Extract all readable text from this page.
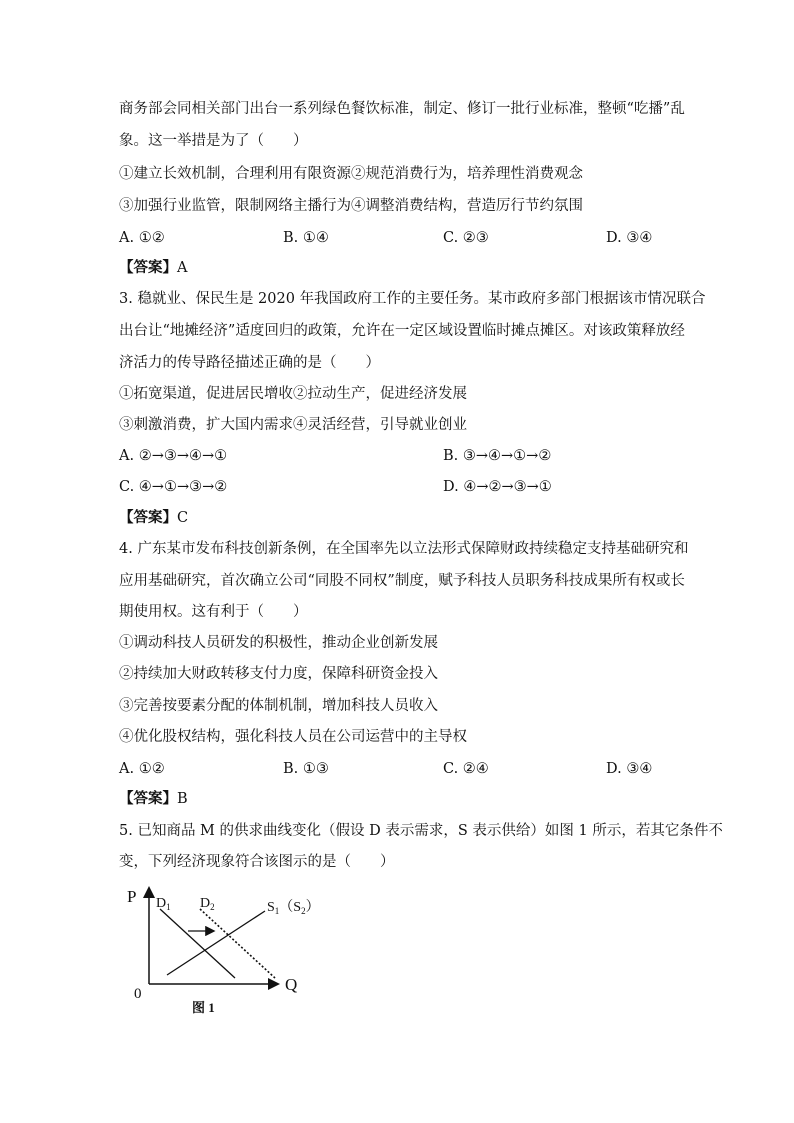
商务部会同相关部门出台一系列绿色餐饮标准，制定、修订一批行业标准，整顿“吃播”乱
象。这一举措是为了（　　）
①建立长效机制，合理利用有限资源②规范消费行为，培养理性消费观念
③加强行业监管，限制网络主播行为④调整消费结构，营造厉行节约氛围
A. ①②	B. ①④	C. ②③	D. ③④
【答案】A
3. 稳就业、保民生是 2020 年我国政府工作的主要任务。某市政府多部门根据该市情况联合
出台让“地摊经济”适度回归的政策，允许在一定区域设置临时摊点摊区。对该政策释放经
济活力的传导路径描述正确的是（　　）
①拓宽渠道，促进居民增收②拉动生产，促进经济发展
③刺激消费，扩大国内需求④灵活经营，引导就业创业
A. ②→③→④→①	B. ③→④→①→②
C. ④→①→③→②	D. ④→②→③→①
【答案】C
4. 广东某市发布科技创新条例，在全国率先以立法形式保障财政持续稳定支持基础研究和
应用基础研究，首次确立公司“同股不同权”制度，赋予科技人员职务科技成果所有权或长
期使用权。这有利于（　　）
①调动科技人员研发的积极性，推动企业创新发展
②持续加大财政转移支付力度，保障科研资金投入
③完善按要素分配的体制机制，增加科技人员收入
④优化股权结构，强化科技人员在公司运营中的主导权
A. ①②	B. ①③	C. ②④	D. ③④
【答案】B
5. 已知商品 M 的供求曲线变化（假设 D 表示需求，S 表示供给）如图 1 所示，若其它条件不
变，下列经济现象符合该图示的是（　　）
P
Q
0
$D_1$ $D_2$	$S_1(S_2)$
图 1
